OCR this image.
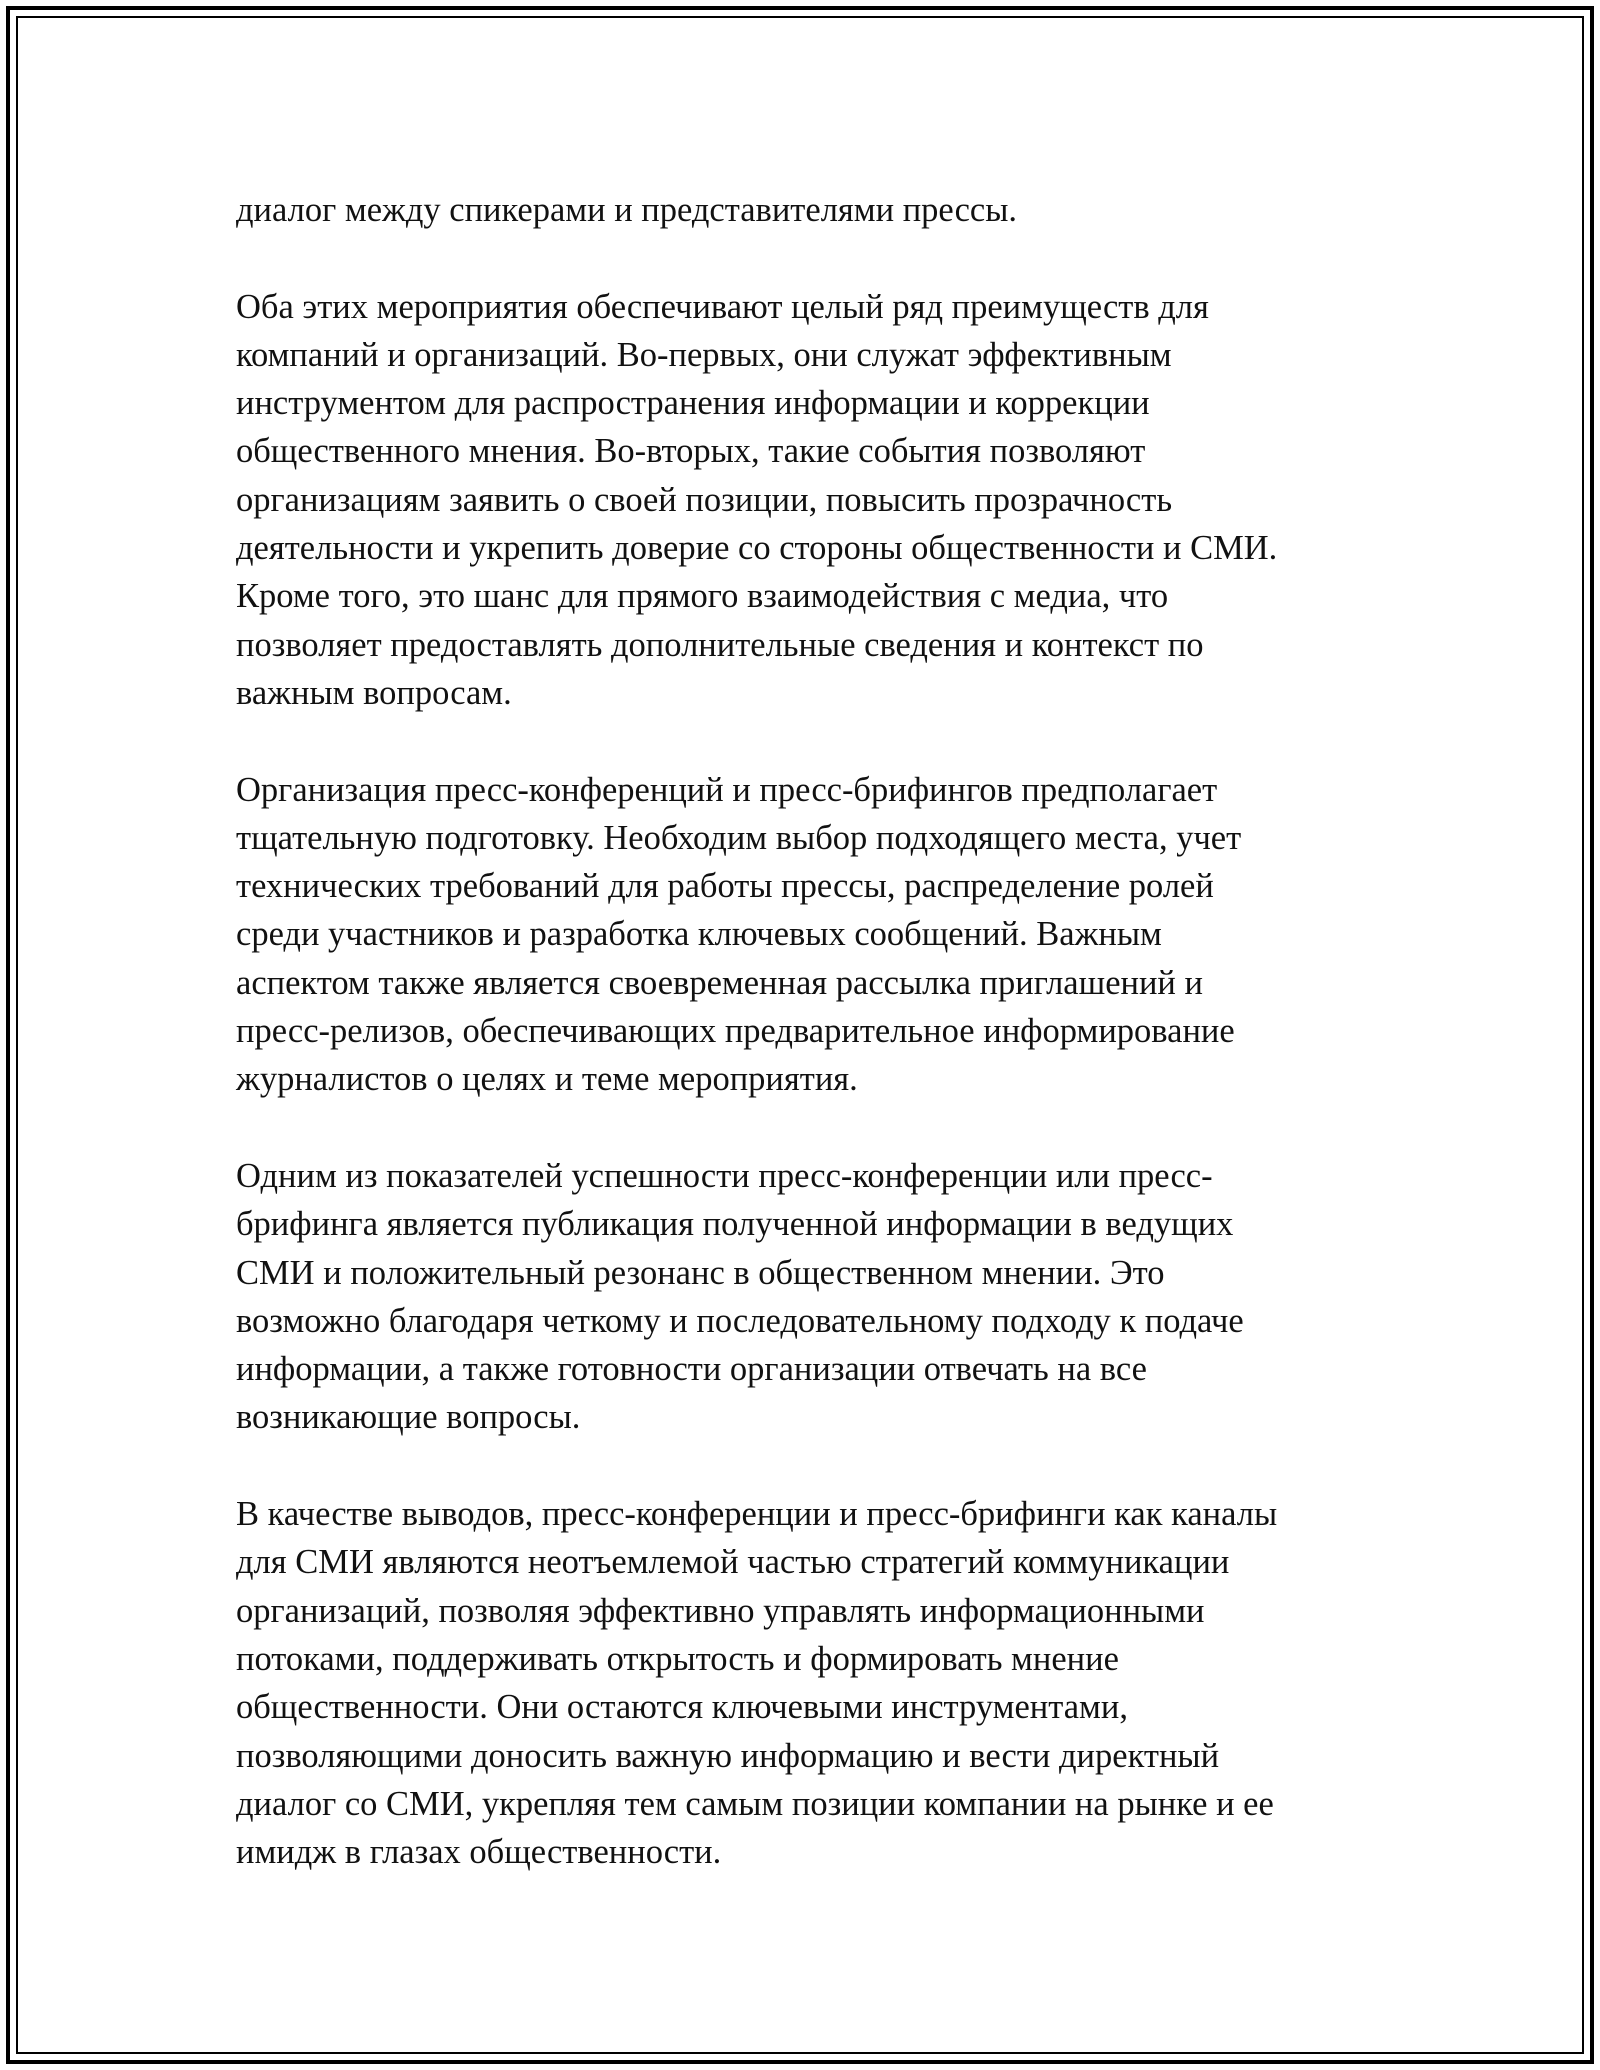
диалог между спикерами и представителями прессы.

Оба этих мероприятия обеспечивают целый ряд преимуществ для
компаний и организаций. Во-первых, они служат эффективным
инструментом для распространения информации и коррекции
общественного мнения. Во-вторых, такие события позволяют
организациям заявить о своей позиции, повысить прозрачность
деятельности и укрепить доверие со стороны общественности и СМИ.
Кроме того, это шанс для прямого взаимодействия с медиа, что
позволяет предоставлять дополнительные сведения и контекст по
важным вопросам.

Организация пресс-конференций и пресс-брифингов предполагает
тщательную подготовку. Необходим выбор подходящего места, учет
технических требований для работы прессы, распределение ролей
среди участников и разработка ключевых сообщений. Важным
аспектом также является своевременная рассылка приглашений и
пресс-релизов, обеспечивающих предварительное информирование
журналистов о целях и теме мероприятия.

Одним из показателей успешности пресс-конференции или пресс-
брифинга является публикация полученной информации в ведущих
СМИ и положительный резонанс в общественном мнении. Это
возможно благодаря четкому и последовательному подходу к подаче
информации, а также готовности организации отвечать на все
возникающие вопросы.

В качестве выводов, пресс-конференции и пресс-брифинги как каналы
для СМИ являются неотъемлемой частью стратегий коммуникации
организаций, позволяя эффективно управлять информационными
потоками, поддерживать открытость и формировать мнение
общественности. Они остаются ключевыми инструментами,
позволяющими доносить важную информацию и вести директный
диалог со СМИ, укрепляя тем самым позиции компании на рынке и ее
имидж в глазах общественности.
